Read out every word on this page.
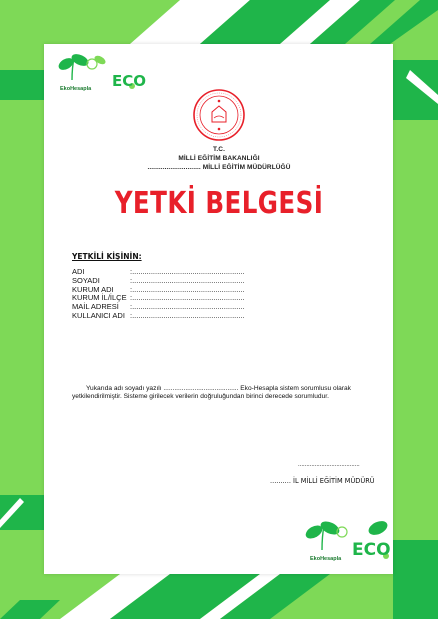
ECO
EkoHesapla
T.C.
MİLLİ EĞİTİM BAKANLIĞI
............................ MİLLİ EĞİTİM MÜDÜRLÜĞÜ
YETKİ BELGESİ
YETKİLİ KİŞİNİN:
ADI	:......................................................
SOYADI	:......................................................
KURUM ADI :......................................................
KURUM İL/İLÇE :......................................................
MAİL ADRESİ :......................................................
KULLANICI ADI :......................................................
Yukarıda adı soyadı yazılı ......................................... Eko-Hesapla sistem sorumlusu olarak
yetkilendirilmiştir. Sisteme girilecek verilerin doğruluğundan birinci derecede sorumludur.
.....................................
.......... İL MİLLİ EĞİTİM MÜDÜRÜ
ECO
EkoHesapla
